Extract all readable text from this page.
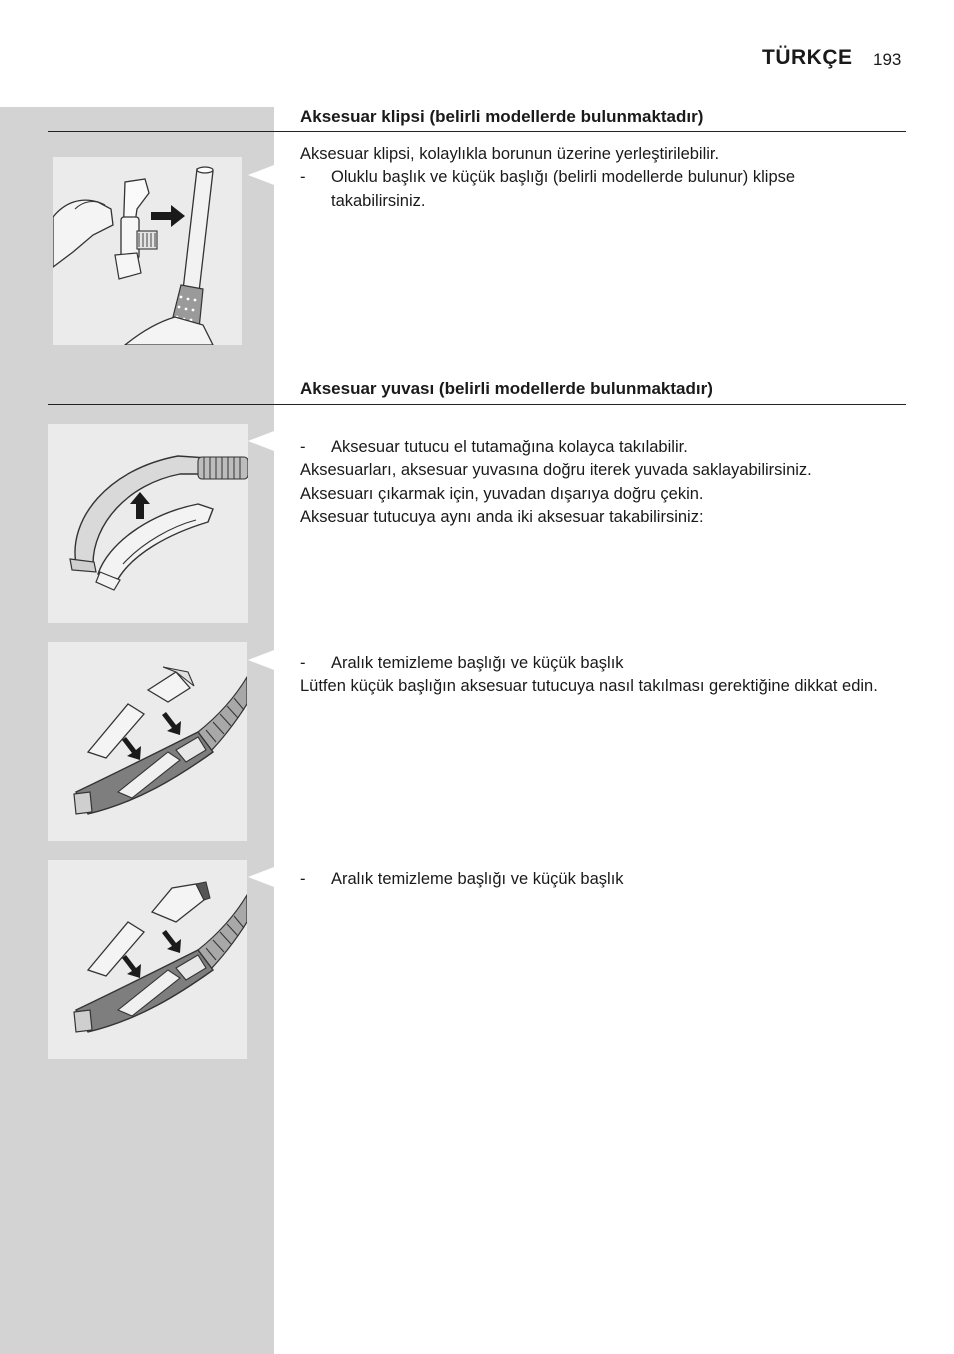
TÜRKÇE 193
Aksesuar klipsi (belirli modellerde bulunmaktadır)

Aksesuar klipsi, kolaylıkla borunun üzerine yerleştirilebilir.

- Oluklu başlık ve küçük başlığı (belirli modellerde bulunur) klipse takabilirsiniz.

Aksesuar yuvası (belirli modellerde bulunmaktadır)

- Aksesuar tutucu el tutamağına kolayca takılabilir.

Aksesuarları, aksesuar yuvasına doğru iterek yuvada saklayabilirsiniz.

Aksesuarı çıkarmak için, yuvadan dışarıya doğru çekin.

Aksesuar tutucuya aynı anda iki aksesuar takabilirsiniz:

- Aralık temizleme başlığı ve küçük başlık

Lütfen küçük başlığın aksesuar tutucuya nasıl takılması gerektiğine dikkat edin.

- Aralık temizleme başlığı ve küçük başlık
